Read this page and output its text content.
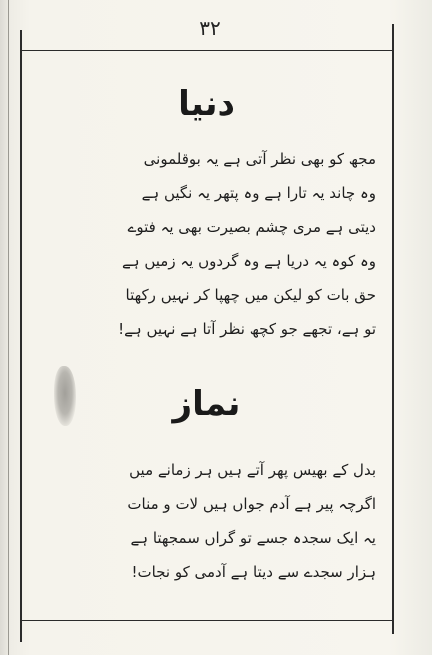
۳۲
دنیا
مجھ کو بھی نظر آتی ہے یہ بوقلمونی
وہ چاند یہ تارا ہے وہ پتھر یہ نگیں ہے
دیتی ہے مری چشم بصیرت بھی یہ فتوے
وہ کوہ یہ دریا ہے وہ گردوں یہ زمیں ہے
حق بات کو لیکن میں چھپا کر نہیں رکھتا
تو ہے، تجھے جو کچھ نظر آتا ہے نہیں ہے!
نماز
بدل کے بھیس پھر آتے ہیں ہر زمانے میں
اگرچہ پیر ہے آدم جواں ہیں لات و منات
یہ ایک سجدہ جسے تو گراں سمجھتا ہے
ہزار سجدے سے دیتا ہے آدمی کو نجات!
